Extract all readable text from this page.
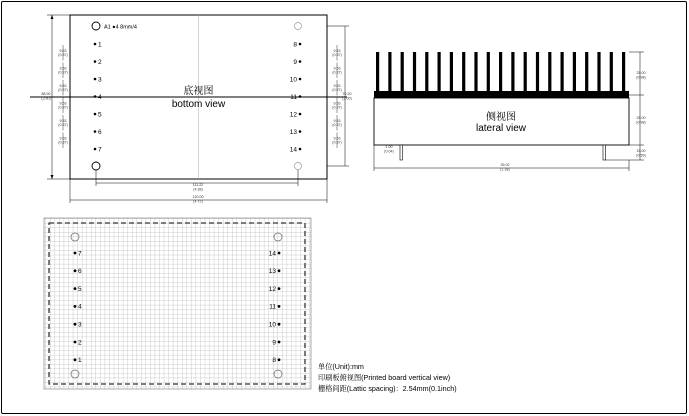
A1 ●4 8mm/4
底视图
bottom view
1
2
3
4
5
6
7
8
9
10
11
12
13
14
88.90 (3.50)
9.53 (0.37)
9.53 (0.37)
9.53 (0.37)
9.53 (0.37)
9.53 (0.37)
9.53 (0.37)
76.20 (3.00)
9.53 (0.37)
9.53 (0.37)
9.53 (0.37)
9.53 (0.37)
9.53 (0.37)
9.53 (0.37)
111.22 (4.38)
120.00 (4.72)
侧视图
lateral view
25.00 (0.98)
25.00 (0.98)
15.00 (0.59)
1.00 (0.04)
35.02 (1.38)
7
6
5
4
3
2
1
14
13
12
11
10
9
8
单位(Unit):mm
印刷板俯视图(Printed board vertical view)
栅格间距(Lattic spacing)：2.54mm(0.1inch)
